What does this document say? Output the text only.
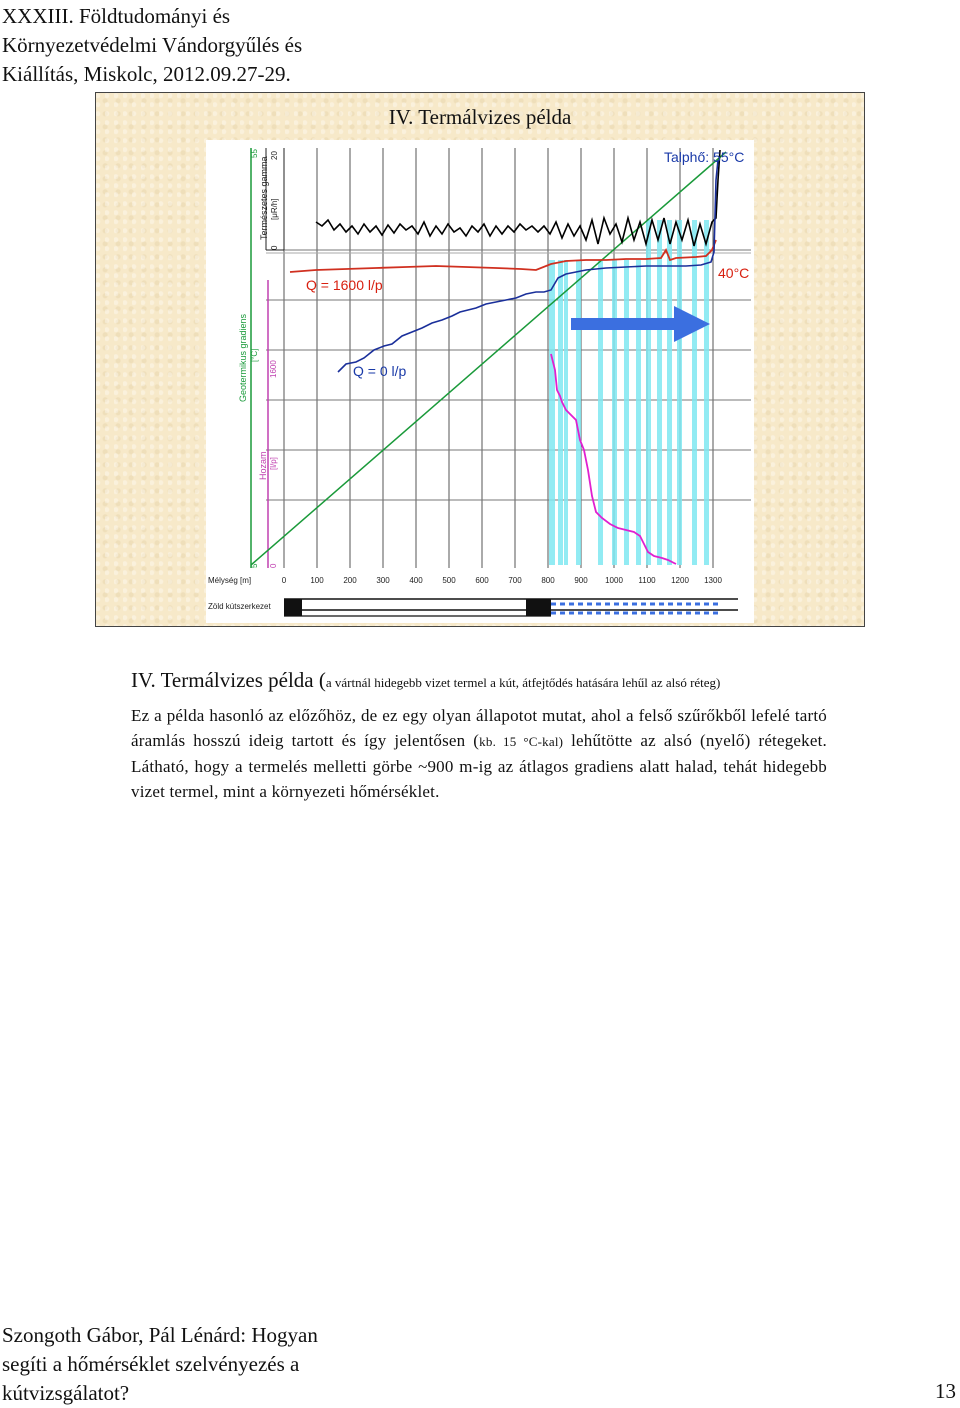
XXXIII. Földtudományi és
Környezetvédelmi Vándorgyűlés és
Kiállítás, Miskolc, 2012.09.27-29.
IV. Termálvizes példa
Talphő: 55°C
40°C
Q = 1600 l/p
Q = 0 l/p
Természetes gamma [μR/h]
0
20
Geotermikus gradiens [°C]
5
55
Hozam [l/p]
0
1600
Mélység [m]	0	100 200 300 400 500 600 700 800 900 1000 1100 1200 1300
Zöld kútszerkezet
IV. Termálvizes példa (a vártnál hidegebb vizet termel a kút, átfejtődés hatására lehűl az alsó réteg)
Ez a példa hasonló az előzőhöz, de ez egy olyan állapotot mutat, ahol a felső szűrőkből lefelé tartó áramlás hosszú ideig tartott és így jelentősen (kb. 15 °C-kal) lehűtötte az alsó (nyelő) rétegeket. Látható, hogy a termelés melletti görbe ~900 m-ig az átlagos gradiens alatt halad, tehát hidegebb vizet termel, mint a környezeti hőmérséklet.
Szongoth Gábor, Pál Lénárd: Hogyan
segíti a hőmérséklet szelvényezés a
kútvizsgálatot?	13
